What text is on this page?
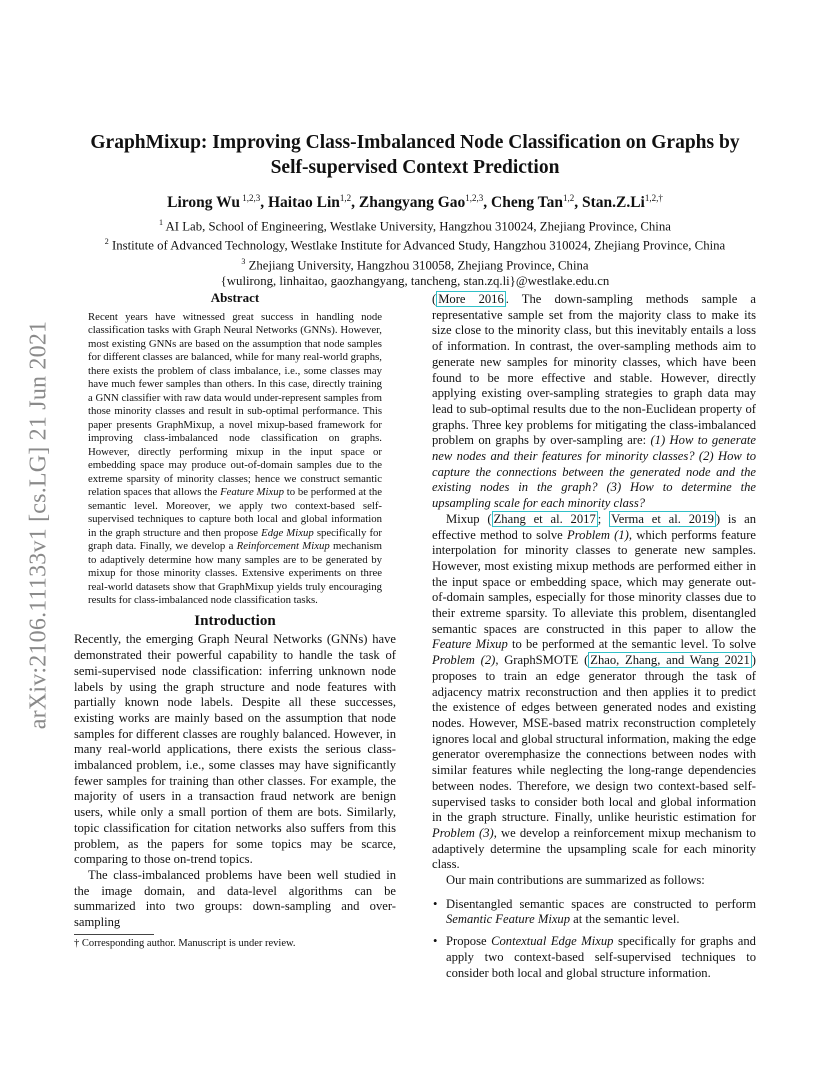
arXiv:2106.11133v1 [cs.LG] 21 Jun 2021
GraphMixup: Improving Class-Imbalanced Node Classification on Graphs by Self-supervised Context Prediction
Lirong Wu $^{1,2,3}$, Haitao Lin$^{1,2}$, Zhangyang Gao$^{1,2,3}$, Cheng Tan$^{1,2}$, $Stan.Z.Li^{1,2,\dagger}$
$^1$ AI Lab, School of Engineering, Westlake University, Hangzhou 310024, Zhejiang Province, China
$^2$ Institute of Advanced Technology, Westlake Institute for Advanced Study, Hangzhou 310024, Zhejiang Province, China
$^3$ Zhejiang University, Hangzhou 310058, Zhejiang Province, China
{wulirong, linhaitao, gaozhangyang, tancheng, stan.zq.li}@westlake.edu.cn
Abstract

Recent years have witnessed great success in handling node classification tasks with Graph Neural Networks (GNNs). However, most existing GNNs are based on the assumption that node samples for different classes are balanced, while for many real-world graphs, there exists the problem of class imbalance, i.e., some classes may have much fewer samples than others. In this case, directly training a GNN classifier with raw data would under-represent samples from those minority classes and result in sub-optimal performance. This paper presents GraphMixup, a novel mixup-based framework for improving class-imbalanced node classification on graphs. However, directly performing mixup in the input space or embedding space may produce out-of-domain samples due to the extreme sparsity of minority classes; hence we construct semantic relation spaces that allows the Feature Mixup to be performed at the semantic level. Moreover, we apply two context-based self-supervised techniques to capture both local and global information in the graph structure and then propose Edge Mixup specifically for graph data. Finally, we develop a Reinforcement Mixup mechanism to adaptively determine how many samples are to be generated by mixup for those minority classes. Extensive experiments on three real-world datasets show that GraphMixup yields truly encouraging results for class-imbalanced node classification tasks.

Introduction

Recently, the emerging Graph Neural Networks (GNNs) have demonstrated their powerful capability to handle the task of semi-supervised node classification: inferring unknown node labels by using the graph structure and node features with partially known node labels. Despite all these successes, existing works are mainly based on the assumption that node samples for different classes are roughly balanced. However, in many real-world applications, there exists the serious class-imbalanced problem, i.e., some classes may have significantly fewer samples for training than other classes. For example, the majority of users in a transaction fraud network are benign users, while only a small portion of them are bots. Similarly, topic classification for citation networks also suffers from this problem, as the papers for some topics may be scarce, comparing to those on-trend topics.

The class-imbalanced problems have been well studied in the image domain, and data-level algorithms can be summarized into two groups: down-sampling and over-sampling

† Corresponding author. Manuscript is under review.

( More 2016 . The down-sampling methods sample a representative sample set from the majority class to make its size close to the minority class, but this inevitably entails a loss of information. In contrast, the over-sampling methods aim to generate new samples for minority classes, which have been found to be more effective and stable. However, directly applying existing over-sampling strategies to graph data may lead to sub-optimal results due to the non-Euclidean property of graphs. Three key problems for mitigating the class-imbalanced problem on graphs by over-sampling are: (1) How to generate new nodes and their features for minority classes? (2) How to capture the connections between the generated node and the existing nodes in the graph? (3) How to determine the upsampling scale for each minority class?

Mixup ( Zhang et al. 2017 ; Verma et al. 2019 ) is an effective method to solve Problem (1), which performs feature interpolation for minority classes to generate new samples. However, most existing mixup methods are performed either in the input space or embedding space, which may generate out-of-domain samples, especially for those minority classes due to their extreme sparsity. To alleviate this problem, disentangled semantic spaces are constructed in this paper to allow the Feature Mixup to be performed at the semantic level. To solve Problem (2), GraphSMOTE ( Zhao, Zhang, and Wang 2021 ) proposes to train an edge generator through the task of adjacency matrix reconstruction and then applies it to predict the existence of edges between generated nodes and existing nodes. However, MSE-based matrix reconstruction completely ignores local and global structural information, making the edge generator overemphasize the connections between nodes with similar features while neglecting the long-range dependencies between nodes. Therefore, we design two context-based self-supervised tasks to consider both local and global information in the graph structure. Finally, unlike heuristic estimation for Problem (3), we develop a reinforcement mixup mechanism to adaptively determine the upsampling scale for each minority class.

Our main contributions are summarized as follows:

• Disentangled semantic spaces are constructed to perform Semantic Feature Mixup at the semantic level.
• Propose Contextual Edge Mixup specifically for graphs and apply two context-based self-supervised techniques to consider both local and global structure information.
